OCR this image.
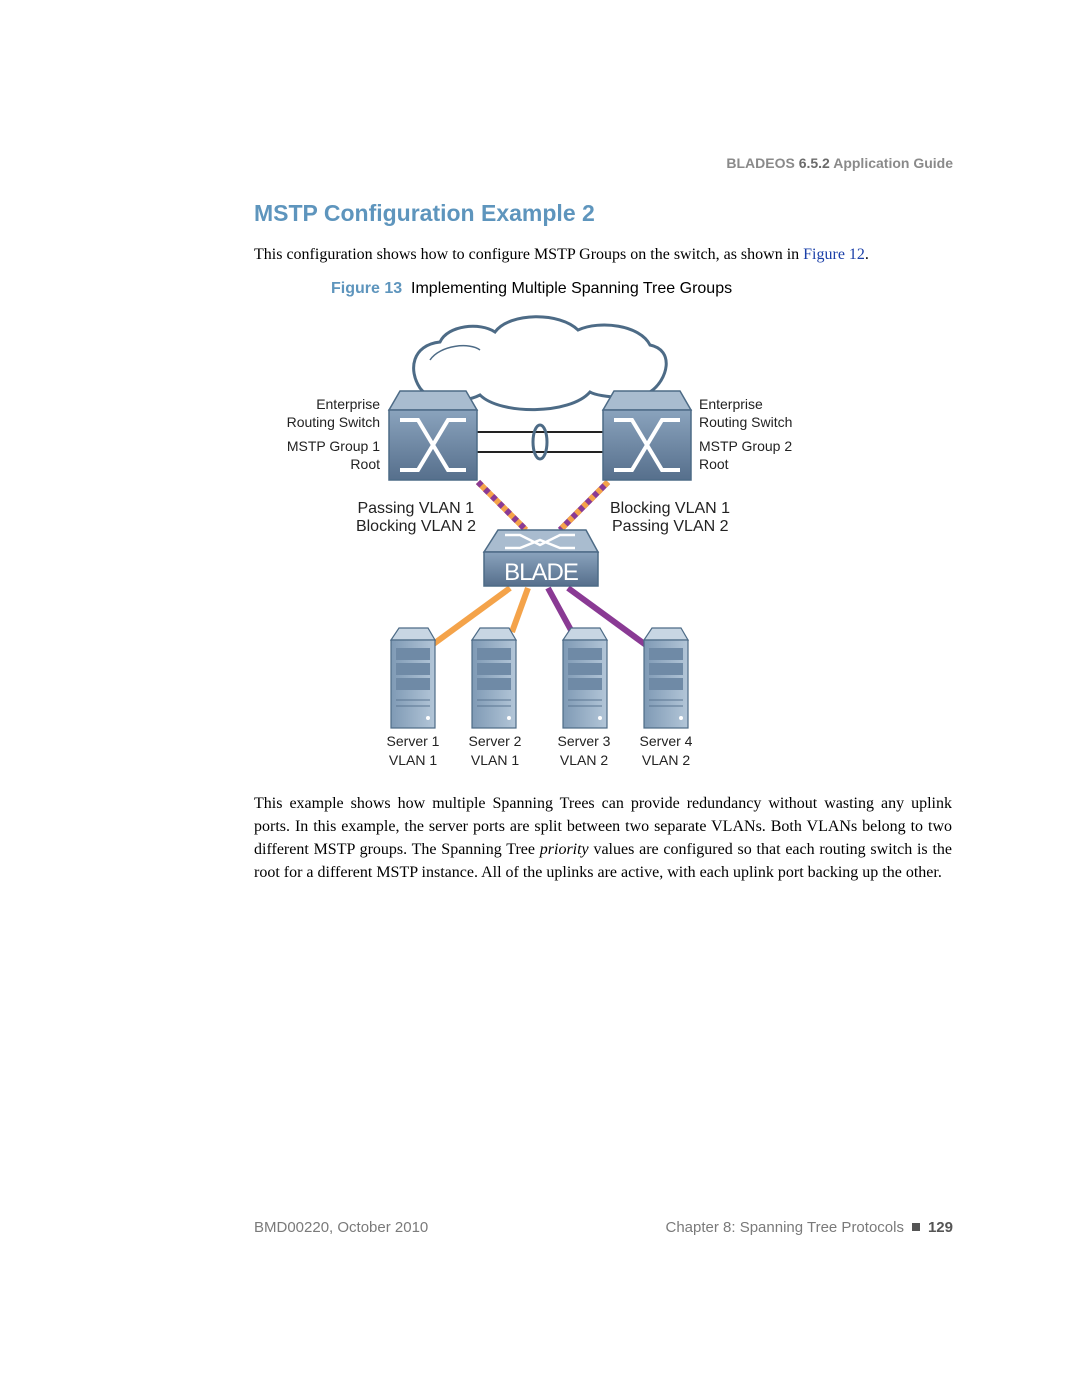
BLADEOS 6.5.2 Application Guide
MSTP Configuration Example 2
This configuration shows how to configure MSTP Groups on the switch, as shown in Figure 12.
Figure 13 Implementing Multiple Spanning Tree Groups
BLADE
Enterprise
Routing Switch
MSTP Group 1
Root
Enterprise
Routing Switch
MSTP Group 2
Root
Passing VLAN 1
Blocking VLAN 2
Blocking VLAN 1
Passing VLAN 2
Server 1
VLAN 1
Server 2
VLAN 1
Server 3
VLAN 2
Server 4
VLAN 2
This example shows how multiple Spanning Trees can provide redundancy without wasting any uplink ports. In this example, the server ports are split between two separate VLANs. Both VLANs belong to two different MSTP groups. The Spanning Tree priority values are configured so that each routing switch is the root for a different MSTP instance. All of the uplinks are active, with each uplink port backing up the other.
BMD00220, October 2010	Chapter 8: Spanning Tree Protocols 129
